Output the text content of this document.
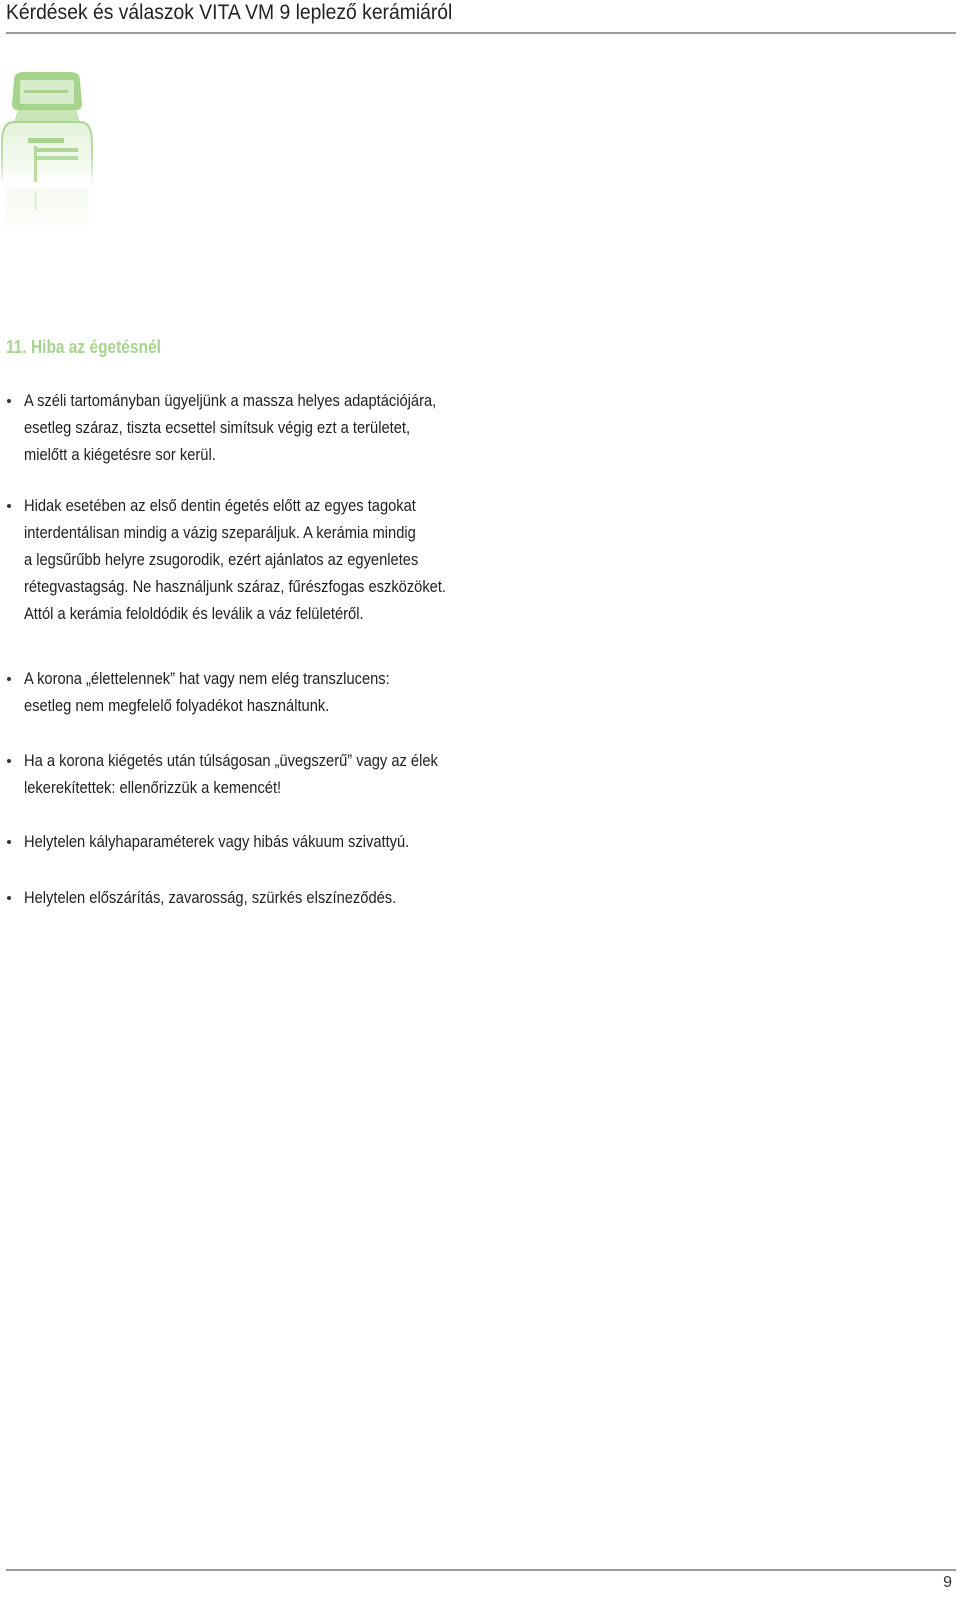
Kérdések és válaszok VITA VM 9 leplező kerámiáról
11. Hiba az égetésnél
A széli tartományban ügyeljünk a massza helyes adaptációjára,
esetleg száraz, tiszta ecsettel simítsuk végig ezt a területet,
mielőtt a kiégetésre sor kerül.
Hidak esetében az első dentin égetés előtt az egyes tagokat
interdentálisan mindig a vázig szeparáljuk. A kerámia mindig
a legsűrűbb helyre zsugorodik, ezért ajánlatos az egyenletes
rétegvastagság. Ne használjunk száraz, fűrészfogas eszközöket.
Attól a kerámia feloldódik és leválik a váz felületéről.
A korona „élettelennek” hat vagy nem elég transzlucens:
esetleg nem megfelelő folyadékot használtunk.
Ha a korona kiégetés után túlságosan „üvegszerű” vagy az élek
lekerekítettek: ellenőrizzük a kemencét!
Helytelen kályhaparaméterek vagy hibás vákuum szivattyú.
Helytelen előszárítás, zavarosság, szürkés elszíneződés.
9
